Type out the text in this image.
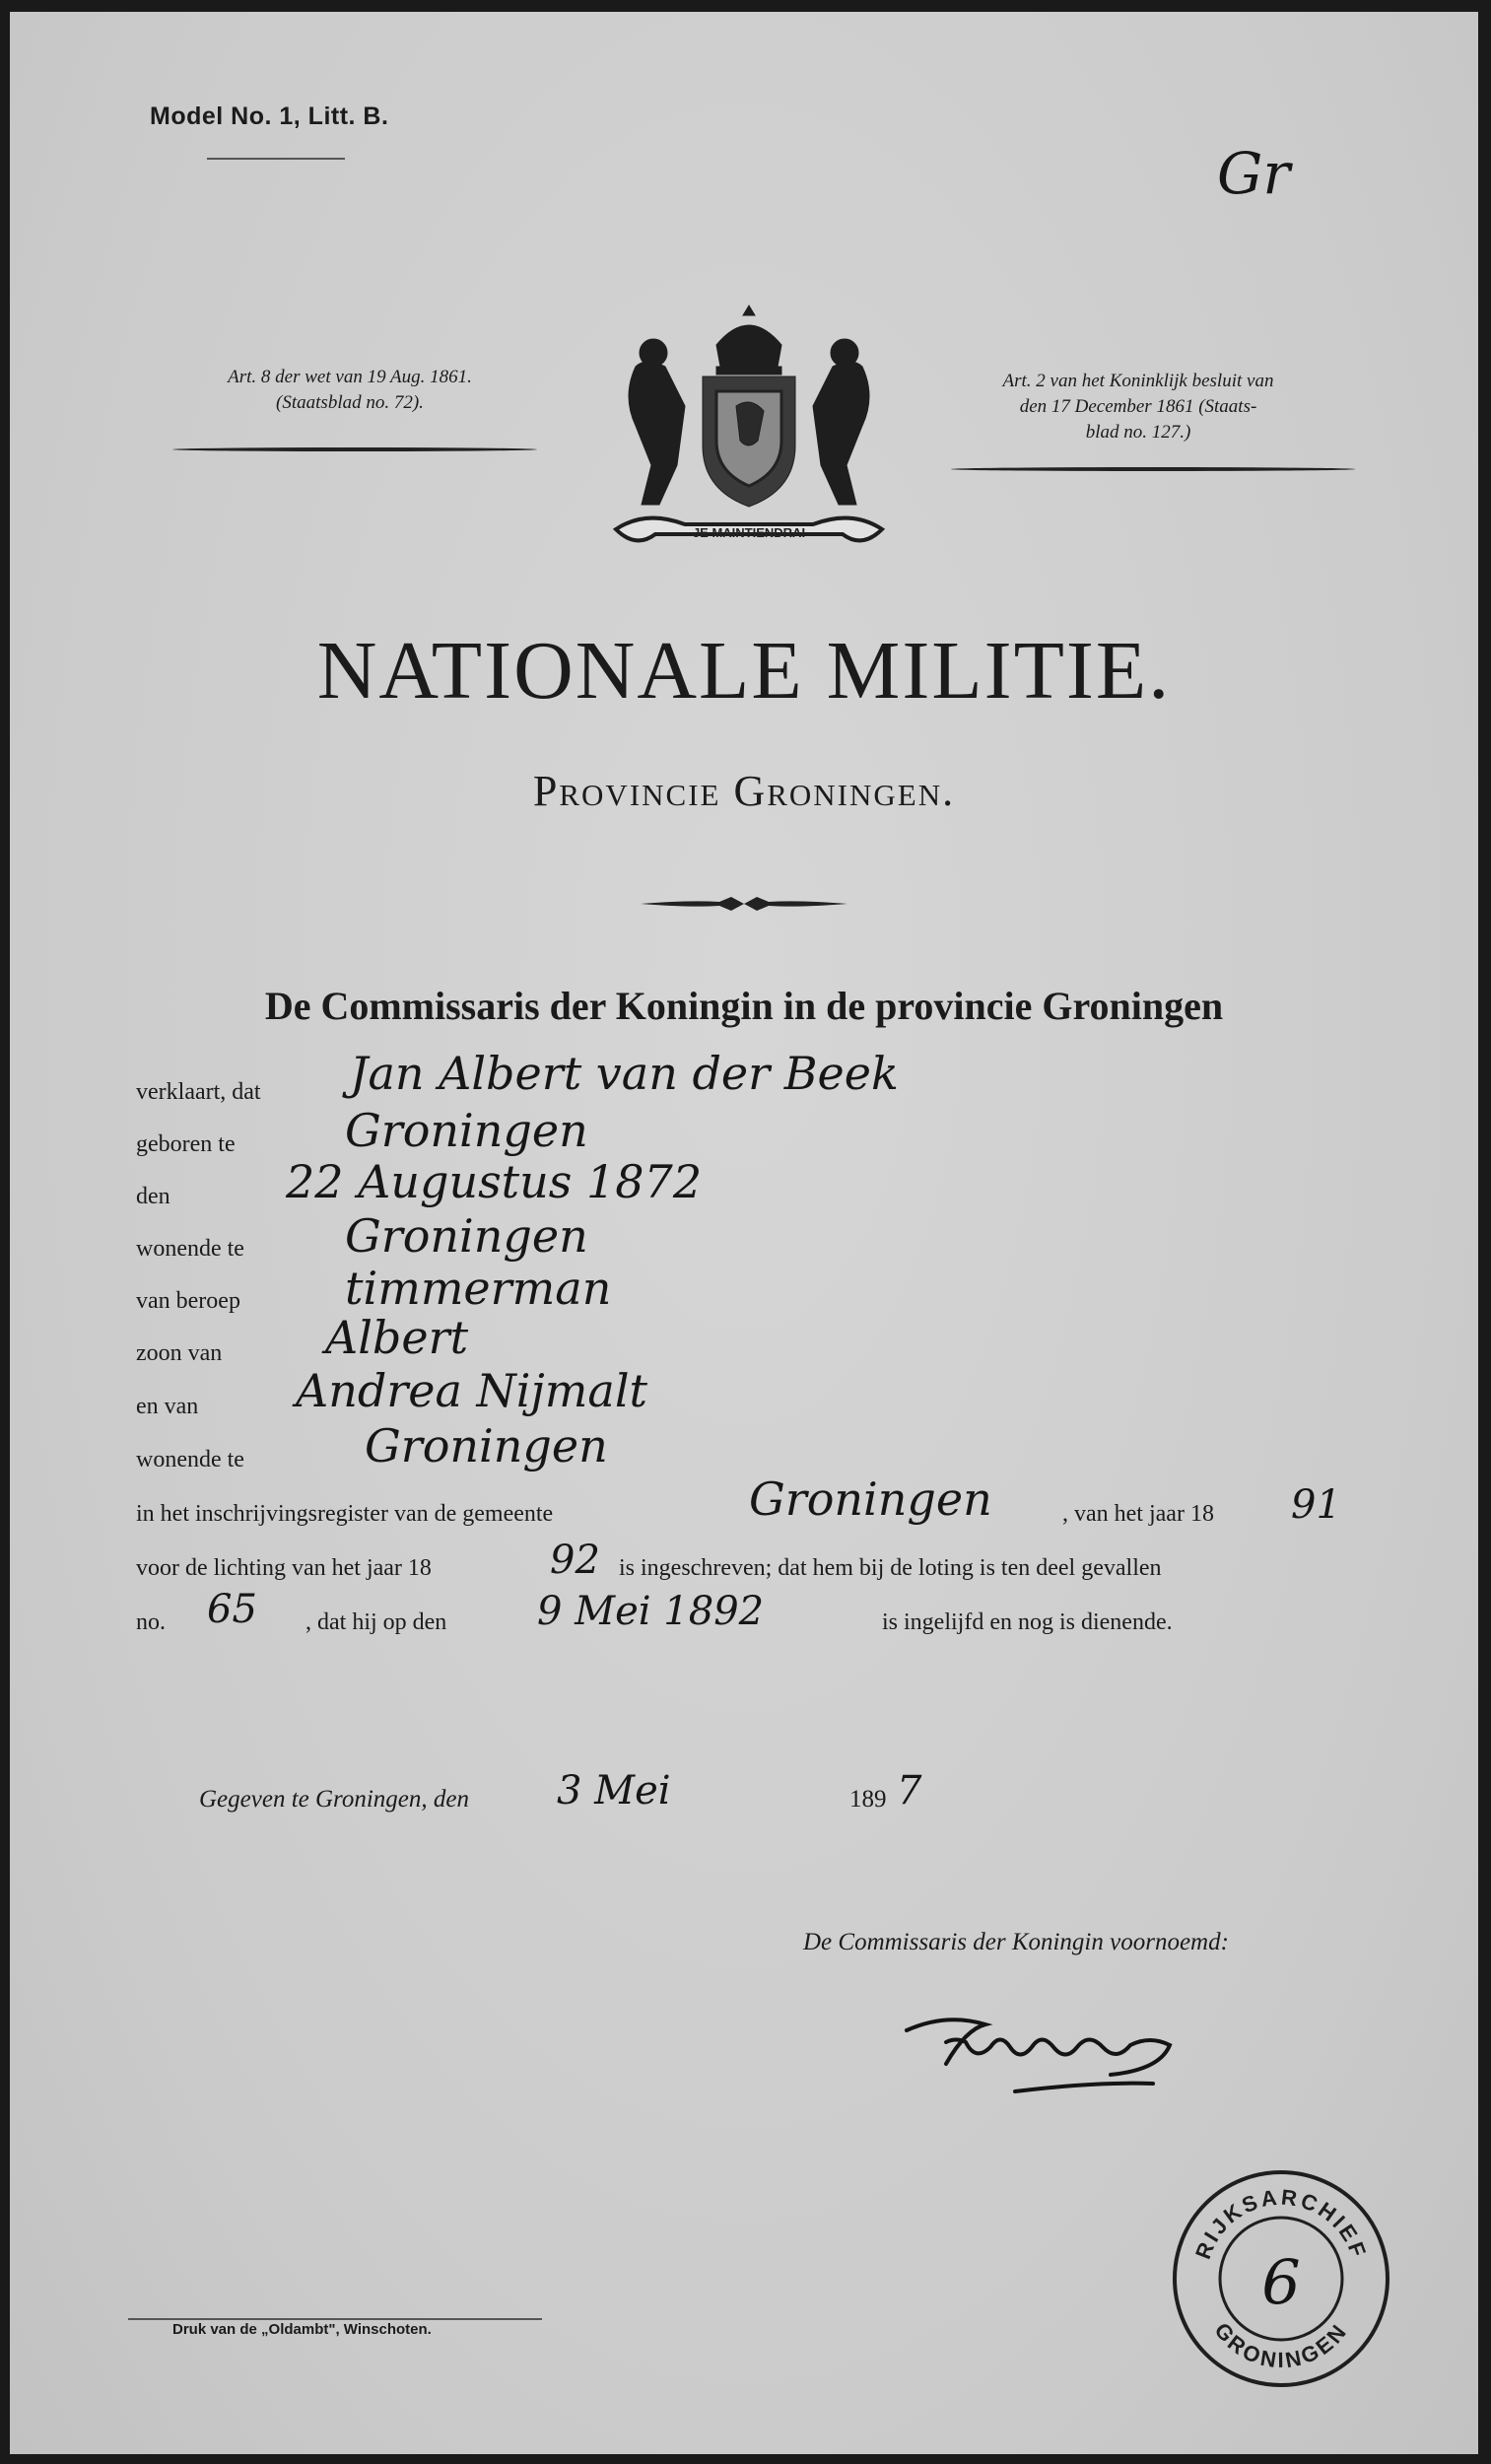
Model No. 1, Litt. B.
Gr
Art. 8 der wet van 19 Aug. 1861.
(Staatsblad no. 72).
Art. 2 van het Koninklijk besluit van
den 17 December 1861 (Staats-
blad no. 127.)
JE MAINTIENDRAI
NATIONALE MILITIE.
Provincie Groningen.
De Commissaris der Koningin in de provincie Groningen
verklaart, dat Jan Albert van der Beek
geboren te Groningen
den	22 Augustus 1872
wonende te Groningen
van beroep timmerman
zoon van Albert
en van Andrea Nijmalt
wonende te	Groningen
in het inschrijvingsregister van de gemeente	Groningen	, van het jaar 18 91
voor de lichting van het jaar 18	92 is ingeschreven; dat hem bij de loting is ten deel gevallen
no. 65 , dat hij op den 9 Mei 1892	is ingelijfd en nog is dienende.
Gegeven te Groningen, den 3 Mei	189 7
De Commissaris der Koningin voornoemd:
RIJKSARCHIEF
GRONINGEN
6
Druk van de „Oldambt", Winschoten.
